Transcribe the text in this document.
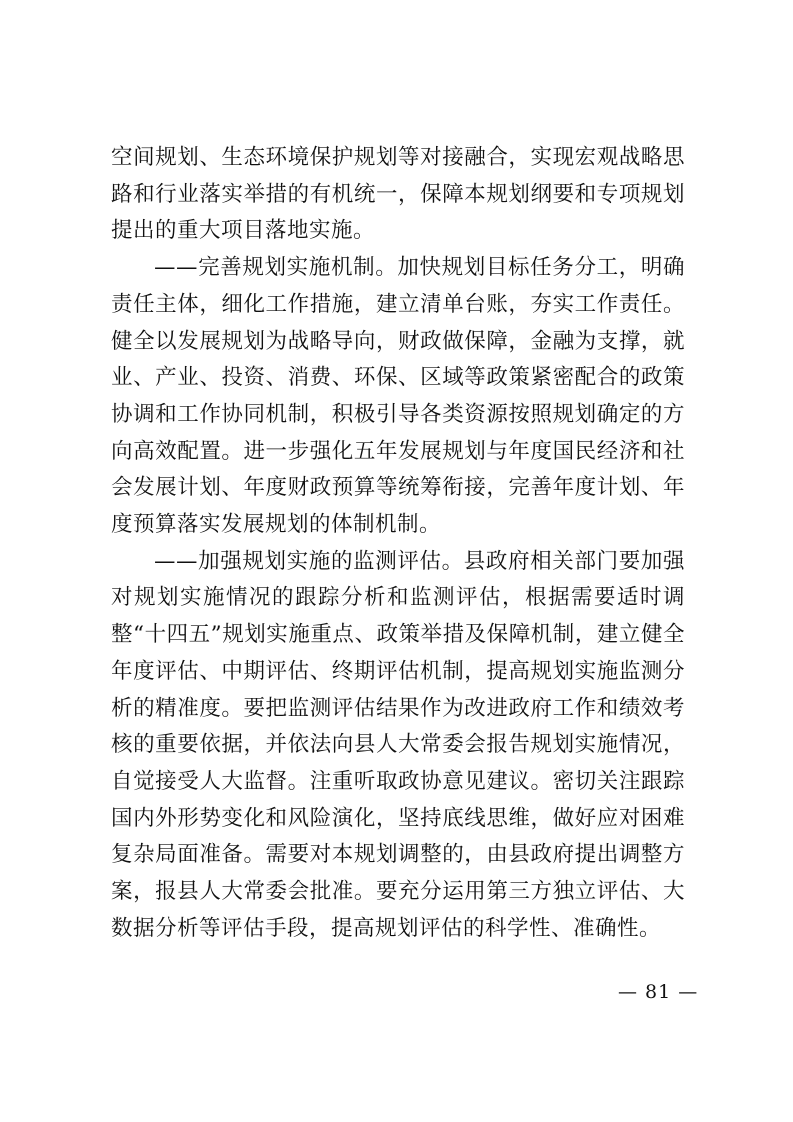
空间规划、生态环境保护规划等对接融合，实现宏观战略思路和行业落实举措的有机统一，保障本规划纲要和专项规划提出的重大项目落地实施。

——完善规划实施机制。加快规划目标任务分工，明确责任主体，细化工作措施，建立清单台账，夯实工作责任。健全以发展规划为战略导向，财政做保障，金融为支撑，就业、产业、投资、消费、环保、区域等政策紧密配合的政策协调和工作协同机制，积极引导各类资源按照规划确定的方向高效配置。进一步强化五年发展规划与年度国民经济和社会发展计划、年度财政预算等统筹衔接，完善年度计划、年度预算落实发展规划的体制机制。

——加强规划实施的监测评估。县政府相关部门要加强对规划实施情况的跟踪分析和监测评估，根据需要适时调整“十四五”规划实施重点、政策举措及保障机制，建立健全年度评估、中期评估、终期评估机制，提高规划实施监测分析的精准度。要把监测评估结果作为改进政府工作和绩效考核的重要依据，并依法向县人大常委会报告规划实施情况，自觉接受人大监督。注重听取政协意见建议。密切关注跟踪国内外形势变化和风险演化，坚持底线思维，做好应对困难复杂局面准备。需要对本规划调整的，由县政府提出调整方案，报县人大常委会批准。要充分运用第三方独立评估、大数据分析等评估手段，提高规划评估的科学性、准确性。

— 81 —
